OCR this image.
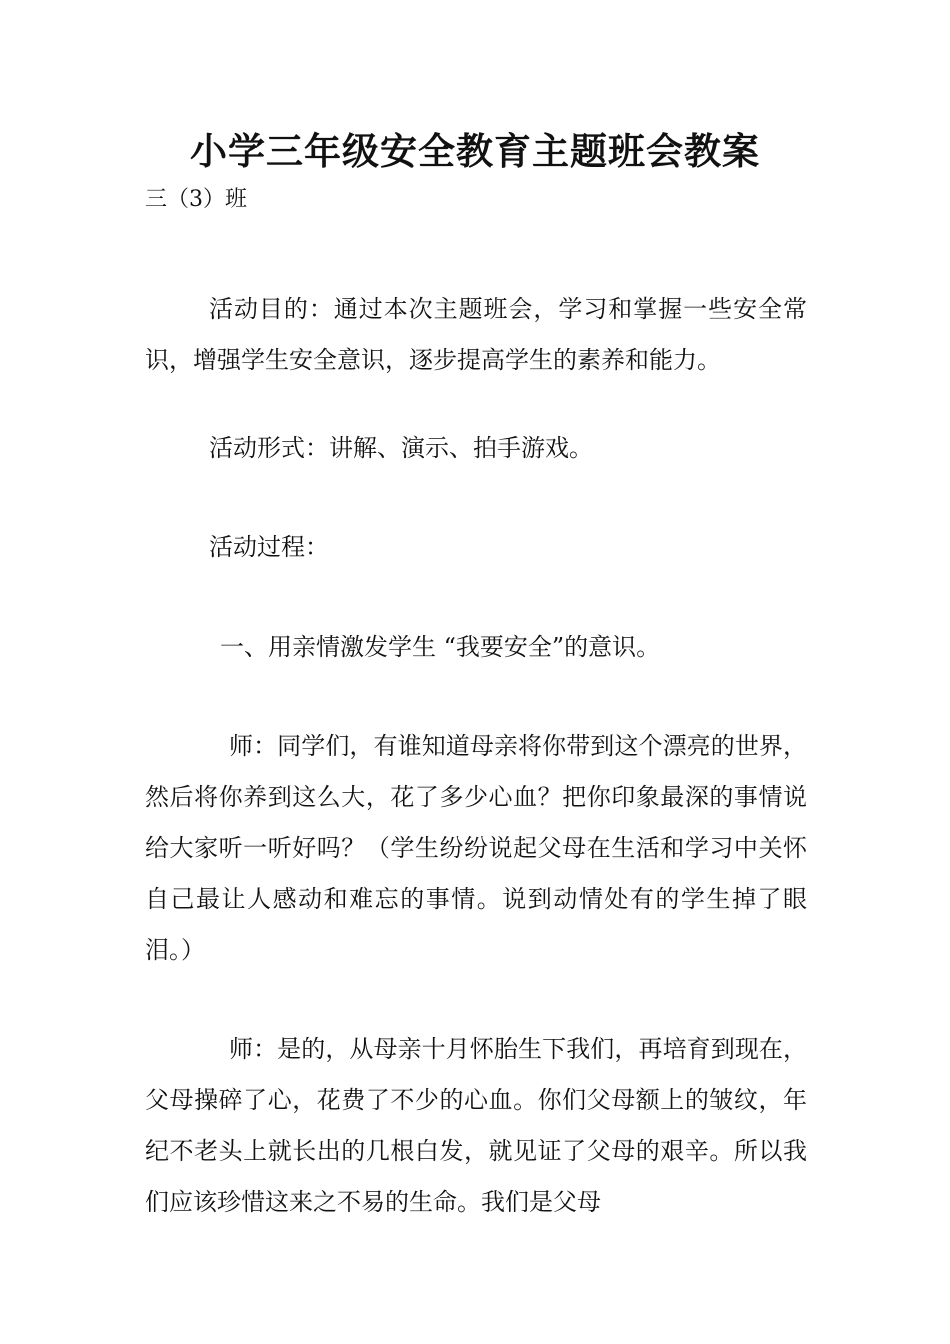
小学三年级安全教育主题班会教案
三（3）班

活动目的：通过本次主题班会，学习和掌握一些安全常识，增强学生安全意识，逐步提高学生的素养和能力。

活动形式：讲解、演示、拍手游戏。

活动过程：

一、用亲情激发学生 “我要安全”的意识。

师：同学们，有谁知道母亲将你带到这个漂亮的世界，然后将你养到这么大，花了多少心血？把你印象最深的事情说给大家听一听好吗？（学生纷纷说起父母在生活和学习中关怀自己最让人感动和难忘的事情。说到动情处有的学生掉了眼泪。）

师：是的，从母亲十月怀胎生下我们，再培育到现在，父母操碎了心，花费了不少的心血。你们父母额上的皱纹，年纪不老头上就长出的几根白发，就见证了父母的艰辛。所以我们应该珍惜这来之不易的生命。我们是父母
